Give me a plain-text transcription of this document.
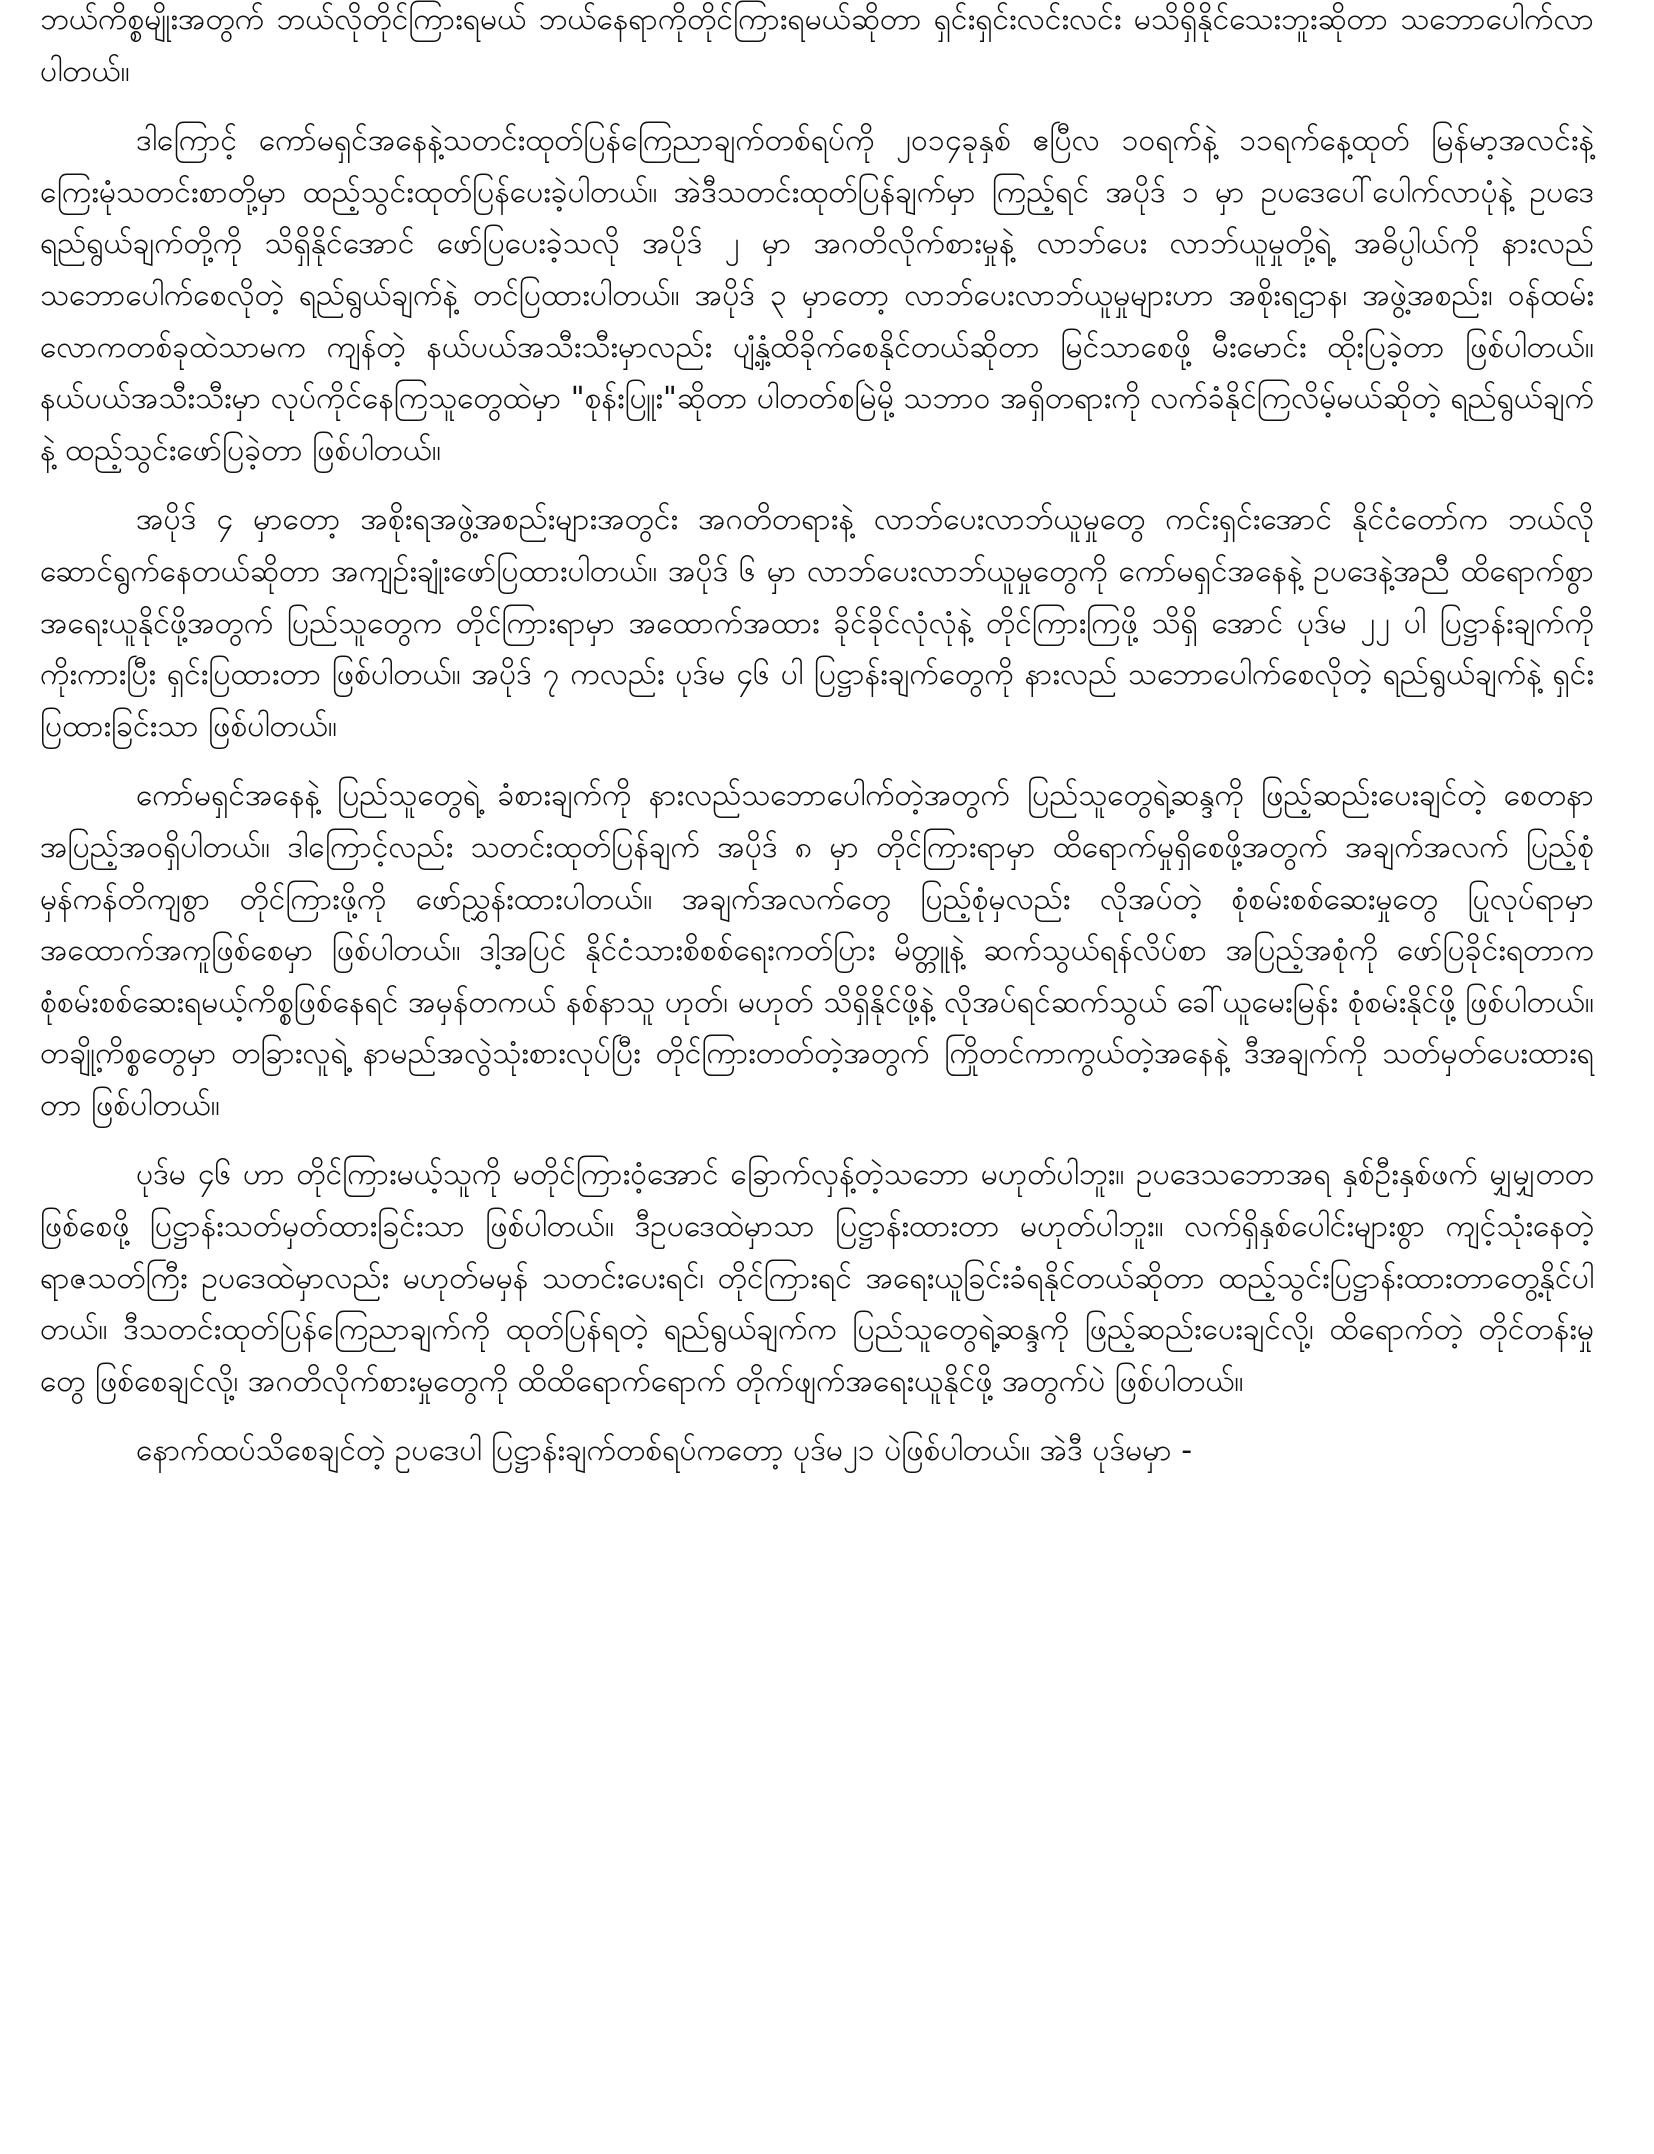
ဘယ်ကိစ္စမျိုးအတွက် ဘယ်လိုတိုင်ကြားရမယ် ဘယ်နေရာကိုတိုင်ကြားရမယ်ဆိုတာ ရှင်းရှင်းလင်းလင်း မသိရှိနိုင်သေးဘူးဆိုတာ သဘောပေါက်လာပါတယ်။

ဒါကြောင့် ကော်မရှင်အနေနဲ့သတင်းထုတ်ပြန်ကြေညာချက်တစ်ရပ်ကို ၂၀၁၄ခုနှစ် ဧပြီလ ၁၀ရက်နဲ့ ၁၁ရက်နေ့ထုတ် မြန်မာ့အလင်းနဲ့ ကြေးမုံသတင်းစာတို့မှာ ထည့်သွင်းထုတ်ပြန်ပေးခဲ့ပါတယ်။ အဲဒီသတင်းထုတ်ပြန်ချက်မှာ ကြည့်ရင် အပိုဒ် ၁ မှာ ဥပဒေပေါ်ပေါက်လာပုံနဲ့ ဥပဒေ ရည်ရွယ်ချက်တို့ကို သိရှိနိုင်အောင် ဖော်ပြပေးခဲ့သလို အပိုဒ် ၂ မှာ အဂတိလိုက်စားမှုနဲ့ လာဘ်ပေး လာဘ်ယူမှုတို့ရဲ့ အဓိပ္ပါယ်ကို နားလည် သဘောပေါက်စေလိုတဲ့ ရည်ရွယ်ချက်နဲ့ တင်ပြထားပါတယ်။ အပိုဒ် ၃ မှာတော့ လာဘ်ပေးလာဘ်ယူမှုများဟာ အစိုးရဌာန၊ အဖွဲ့အစည်း၊ ဝန်ထမ်းလောကတစ်ခုထဲသာမက ကျန်တဲ့ နယ်ပယ်အသီးသီးမှာလည်း ပျံ့နှံ့ထိခိုက်စေနိုင်တယ်ဆိုတာ မြင်သာစေဖို့ မီးမောင်း ထိုးပြခဲ့တာ ဖြစ်ပါတယ်။ နယ်ပယ်အသီးသီးမှာ လုပ်ကိုင်နေကြသူတွေထဲမှာ "စုန်းပြူး"ဆိုတာ ပါတတ်စမြဲမို့ သဘာဝ အရှိတရားကို လက်ခံနိုင်ကြလိမ့်မယ်ဆိုတဲ့ ရည်ရွယ်ချက်နဲ့ ထည့်သွင်းဖော်ပြခဲ့တာ ဖြစ်ပါတယ်။

အပိုဒ် ၄ မှာတော့ အစိုးရအဖွဲ့အစည်းများအတွင်း အဂတိတရားနဲ့ လာဘ်ပေးလာဘ်ယူမှုတွေ ကင်းရှင်းအောင် နိုင်ငံတော်က ဘယ်လိုဆောင်ရွက်နေတယ်ဆိုတာ အကျဉ်းချုံးဖော်ပြထားပါတယ်။ အပိုဒ် ၆ မှာ လာဘ်ပေးလာဘ်ယူမှုတွေကို ကော်မရှင်အနေနဲ့ ဥပဒေနဲ့အညီ ထိရောက်စွာ အရေးယူနိုင်ဖို့အတွက် ပြည်သူတွေက တိုင်ကြားရာမှာ အထောက်အထား ခိုင်ခိုင်လုံလုံနဲ့ တိုင်ကြားကြဖို့ သိရှိ အောင် ပုဒ်မ ၂၂ ပါ ပြဋ္ဌာန်းချက်ကို ကိုးကားပြီး ရှင်းပြထားတာ ဖြစ်ပါတယ်။ အပိုဒ် ၇ ကလည်း ပုဒ်မ ၄၆ ပါ ပြဋ္ဌာန်းချက်တွေကို နားလည် သဘောပေါက်စေလိုတဲ့ ရည်ရွယ်ချက်နဲ့ ရှင်းပြထားခြင်းသာ ဖြစ်ပါတယ်။

ကော်မရှင်အနေနဲ့ ပြည်သူတွေရဲ့ ခံစားချက်ကို နားလည်သဘောပေါက်တဲ့အတွက် ပြည်သူတွေရဲ့ဆန္ဒကို ဖြည့်ဆည်းပေးချင်တဲ့ စေတနာအပြည့်အဝရှိပါတယ်။ ဒါကြောင့်လည်း သတင်းထုတ်ပြန်ချက် အပိုဒ် ၈ မှာ တိုင်ကြားရာမှာ ထိရောက်မှုရှိစေဖို့အတွက် အချက်အလက် ပြည့်စုံမှန်ကန်တိကျစွာ တိုင်ကြားဖို့ကို ဖော်ညွှန်းထားပါတယ်။ အချက်အလက်တွေ ပြည့်စုံမှလည်း လိုအပ်တဲ့ စုံစမ်းစစ်ဆေးမှုတွေ ပြုလုပ်ရာမှာ အထောက်အကူဖြစ်စေမှာ ဖြစ်ပါတယ်။ ဒါ့အပြင် နိုင်ငံသားစိစစ်ရေးကတ်ပြား မိတ္တူနဲ့ ဆက်သွယ်ရန်လိပ်စာ အပြည့်အစုံကို ဖော်ပြခိုင်းရတာက စုံစမ်းစစ်ဆေးရမယ့်ကိစ္စဖြစ်နေရင် အမှန်တကယ် နစ်နာသူ ဟုတ်၊ မဟုတ် သိရှိနိုင်ဖို့နဲ့ လိုအပ်ရင်ဆက်သွယ် ခေါ်ယူမေးမြန်း စုံစမ်းနိုင်ဖို့ ဖြစ်ပါတယ်။ တချို့ကိစ္စတွေမှာ တခြားလူရဲ့ နာမည်အလွဲသုံးစားလုပ်ပြီး တိုင်ကြားတတ်တဲ့အတွက် ကြိုတင်ကာကွယ်တဲ့အနေနဲ့ ဒီအချက်ကို သတ်မှတ်ပေးထားရတာ ဖြစ်ပါတယ်။

ပုဒ်မ ၄၆ ဟာ တိုင်ကြားမယ့်သူကို မတိုင်ကြားဝံ့အောင် ခြောက်လှန့်တဲ့သဘော မဟုတ်ပါဘူး။ ဥပဒေသဘောအရ နှစ်ဦးနှစ်ဖက် မျှမျှတတဖြစ်စေဖို့ ပြဋ္ဌာန်းသတ်မှတ်ထားခြင်းသာ ဖြစ်ပါတယ်။ ဒီဥပဒေထဲမှာသာ ပြဋ္ဌာန်းထားတာ မဟုတ်ပါဘူး။ လက်ရှိနှစ်ပေါင်းများစွာ ကျင့်သုံးနေတဲ့ ရာဇသတ်ကြီး ဥပဒေထဲမှာလည်း မဟုတ်မမှန် သတင်းပေးရင်၊ တိုင်ကြားရင် အရေးယူခြင်းခံရနိုင်တယ်ဆိုတာ ထည့်သွင်းပြဋ္ဌာန်းထားတာတွေ့နိုင်ပါတယ်။ ဒီသတင်းထုတ်ပြန်ကြေညာချက်ကို ထုတ်ပြန်ရတဲ့ ရည်ရွယ်ချက်က ပြည်သူတွေရဲ့ဆန္ဒကို ဖြည့်ဆည်းပေးချင်လို့၊ ထိရောက်တဲ့ တိုင်တန်းမှုတွေ ဖြစ်စေချင်လို့၊ အဂတိလိုက်စားမှုတွေကို ထိထိရောက်ရောက် တိုက်ဖျက်အရေးယူနိုင်ဖို့ အတွက်ပဲ ဖြစ်ပါတယ်။

နောက်ထပ်သိစေချင်တဲ့ ဥပဒေပါ ပြဋ္ဌာန်းချက်တစ်ရပ်ကတော့ ပုဒ်မ၂၁ ပဲဖြစ်ပါတယ်။ အဲဒီ ပုဒ်မမှာ -
